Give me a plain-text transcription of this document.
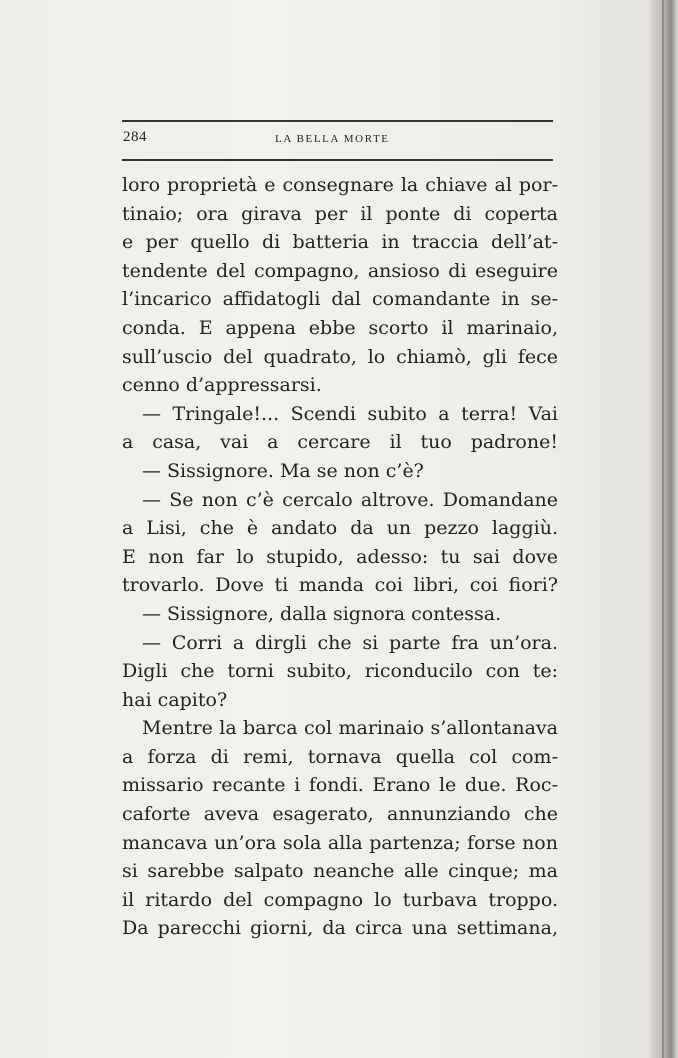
284	LA BELLA MORTE
loro proprietà e consegnare la chiave al por-
tinaio; ora girava per il ponte di coperta
e per quello di batteria in traccia dell’at-
tendente del compagno, ansioso di eseguire
l’incarico affidatogli dal comandante in se-
conda. E appena ebbe scorto il marinaio,
sull’uscio del quadrato, lo chiamò, gli fece
cenno d’appressarsi.
— Tringale!... Scendi subito a terra! Vai
a casa, vai a cercare il tuo padrone!
— Sissignore. Ma se non c’è?
— Se non c’è cercalo altrove. Domandane
a Lisi, che è andato da un pezzo laggiù.
E non far lo stupido, adesso: tu sai dove
trovarlo. Dove ti manda coi libri, coi fiori?
— Sissignore, dalla signora contessa.
— Corri a dirgli che si parte fra un’ora.
Digli che torni subito, riconducilo con te:
hai capito?
Mentre la barca col marinaio s’allontanava
a forza di remi, tornava quella col com-
missario recante i fondi. Erano le due. Roc-
caforte aveva esagerato, annunziando che
mancava un’ora sola alla partenza; forse non
si sarebbe salpato neanche alle cinque; ma
il ritardo del compagno lo turbava troppo.
Da parecchi giorni, da circa una settimana,
